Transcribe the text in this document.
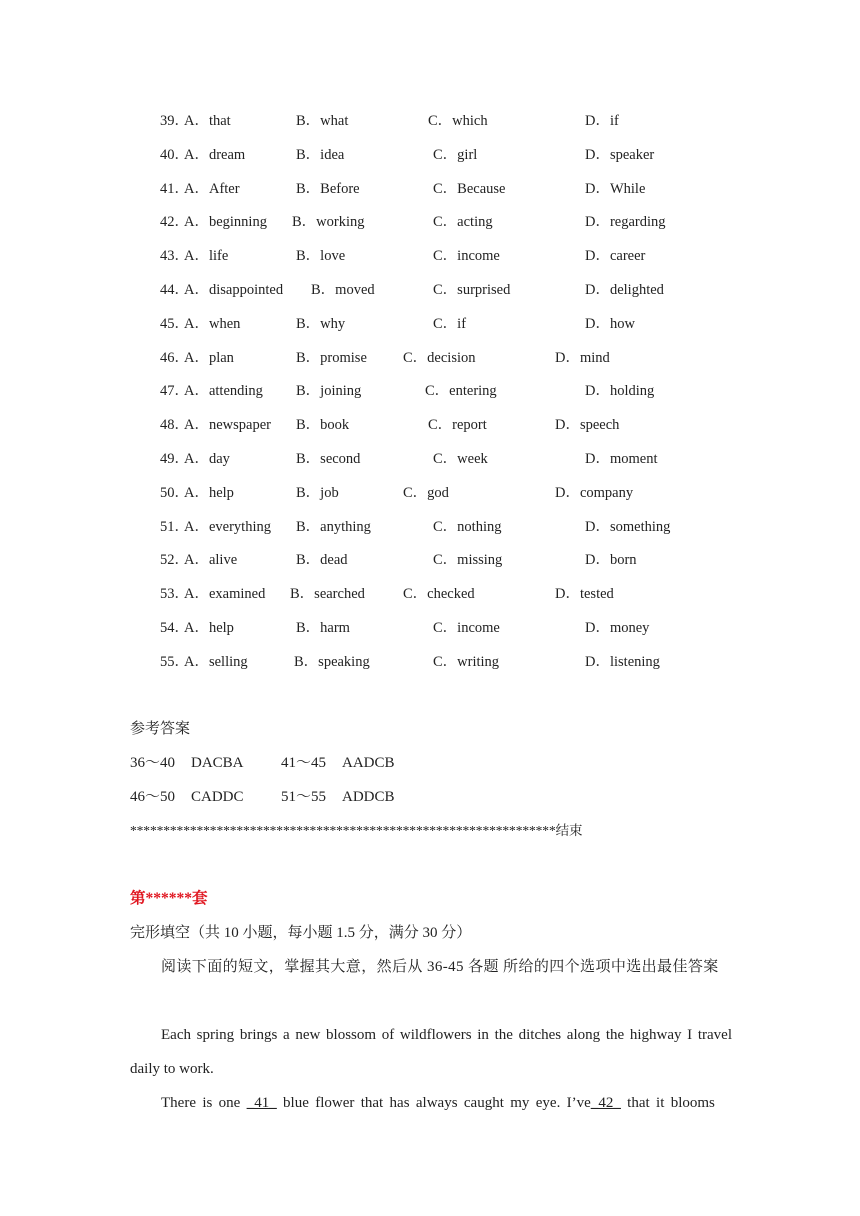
39．
A．that	B．what	C．which	D．if
40．
A．dream	B．idea	C．girl	D．speaker
41．
A．After	B．Before	C．Because	D．While
42．
A．beginning B．working	C．acting	D．regarding
43．
A．life	B．love	C．income	D．career
44．
A．disappointed B．moved	C．surprised	D．delighted
45．
A．when	B．why	C．if	D．how
46．
A．plan	B．promise C．decision	D．mind
47．
A．attending B．joining	C．entering	D．holding
48．
A．newspaper B．book	C．report	D．speech
49．
A．day	B．second	C．week	D．moment
50．
A．help	B．job	C．god	D．company
51．
A．everything B．anything	C．nothing	D．something
52．
A．alive	B．dead	C．missing	D．born
53．
A．examined B．searched	C．checked	D．tested
54．
A．help	B．harm	C．income	D．money
55．
A．selling	B．speaking	C．writing	D．listening
参考答案
36～40 DACBA 41～45 AADCB
46～50 CADDC 51～55 ADDCB
****************************************************************结束
第******套
完形填空（共 10 小题，每小题 1.5 分，满分 30 分）

阅读下面的短文，掌握其大意，然后从 36-45 各题 所给的四个选项中选出最佳答案

Each spring brings a new blossom of wildflowers in the ditches along the highway I travel daily to work.

There is one _41_ blue flower that has always caught my eye. I’ve_42_ that it blooms
